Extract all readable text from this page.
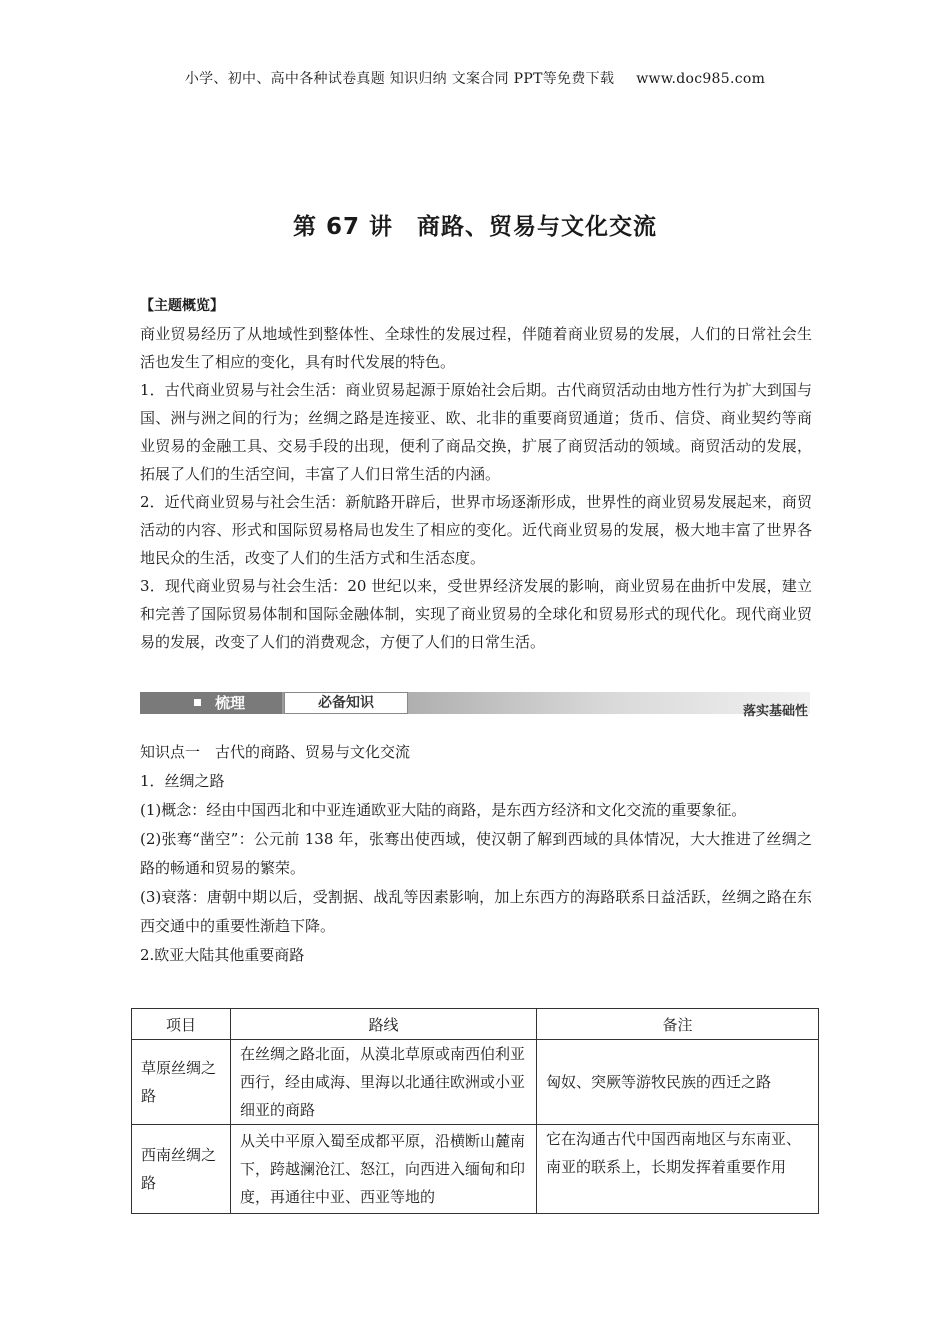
小学、初中、高中各种试卷真题 知识归纳 文案合同 PPT等免费下载 www.doc985.com
第 67 讲 商路、贸易与文化交流

【主题概览】

商业贸易经历了从地域性到整体性、全球性的发展过程，伴随着商业贸易的发展，人们的日常社会生活也发生了相应的变化，具有时代发展的特色。

1．古代商业贸易与社会生活：商业贸易起源于原始社会后期。古代商贸活动由地方性行为扩大到国与国、洲与洲之间的行为；丝绸之路是连接亚、欧、北非的重要商贸通道；货币、信贷、商业契约等商业贸易的金融工具、交易手段的出现，便利了商品交换，扩展了商贸活动的领域。商贸活动的发展，拓展了人们的生活空间，丰富了人们日常生活的内涵。

2．近代商业贸易与社会生活：新航路开辟后，世界市场逐渐形成，世界性的商业贸易发展起来，商贸活动的内容、形式和国际贸易格局也发生了相应的变化。近代商业贸易的发展，极大地丰富了世界各地民众的生活，改变了人们的生活方式和生活态度。

3．现代商业贸易与社会生活：20 世纪以来，受世界经济发展的影响，商业贸易在曲折中发展，建立和完善了国际贸易体制和国际金融体制，实现了商业贸易的全球化和贸易形式的现代化。现代商业贸易的发展，改变了人们的消费观念，方便了人们的日常生活。

梳理	必备知识
落实基础性

知识点一　古代的商路、贸易与文化交流

1．丝绸之路

(1)概念：经由中国西北和中亚连通欧亚大陆的商路，是东西方经济和文化交流的重要象征。

(2)张骞“凿空”：公元前 138 年，张骞出使西域，使汉朝了解到西域的具体情况，大大推进了丝绸之路的畅通和贸易的繁荣。

(3)衰落：唐朝中期以后，受割据、战乱等因素影响，加上东西方的海路联系日益活跃，丝绸之路在东西交通中的重要性渐趋下降。

2.欧亚大陆其他重要商路

项目	路线	备注
草原丝绸之路	在丝绸之路北面，从漠北草原或南西伯利亚西行，经由咸海、里海以北通往欧洲或小亚细亚的商路	匈奴、突厥等游牧民族的西迁之路
西南丝绸之路	从关中平原入蜀至成都平原，沿横断山麓南下，跨越澜沧江、怒江，向西进入缅甸和印度，再通往中亚、西亚等地的	它在沟通古代中国西南地区与东南亚、南亚的联系上，长期发挥着重要作用
